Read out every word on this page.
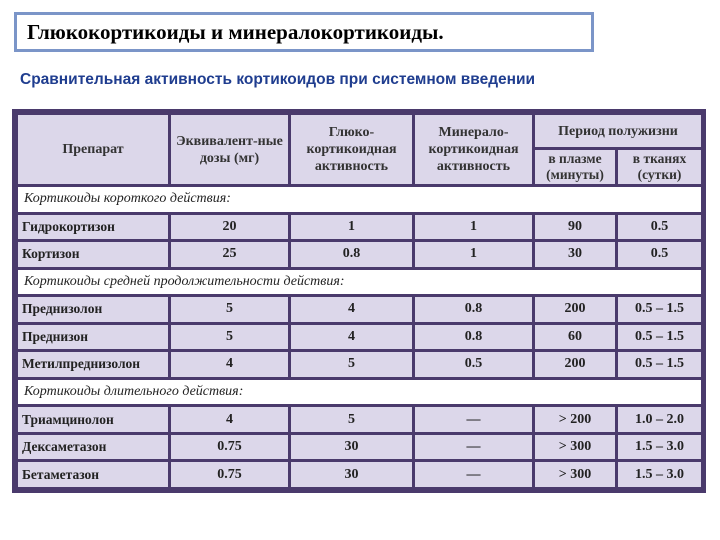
Глюкокортикоиды и минералокортикоиды.
Сравнительная активность кортикоидов при системном введении
Препарат	Эквивалент-ные дозы (мг)	Глюко-кортикоидная активность	Минерало-кортикоидная активность	Период полужизни	
				в плазме (минуты)	в тканях (сутки)
Кортикоиды короткого действия:					
Гидрокортизон	20	1	1	90	0.5
Кортизон	25	0.8	1	30	0.5
Кортикоиды средней продолжительности действия:					
Преднизолон	5	4	0.8	200	0.5 – 1.5
Преднизон	5	4	0.8	60	0.5 – 1.5
Метилпреднизолон	4	5	0.5	200	0.5 – 1.5
Кортикоиды длительного действия:					
Триамцинолон	4	5	—	> 200	1.0 – 2.0
Дексаметазон	0.75	30	—	> 300	1.5 – 3.0
Бетаметазон	0.75	30	—	> 300	1.5 – 3.0
